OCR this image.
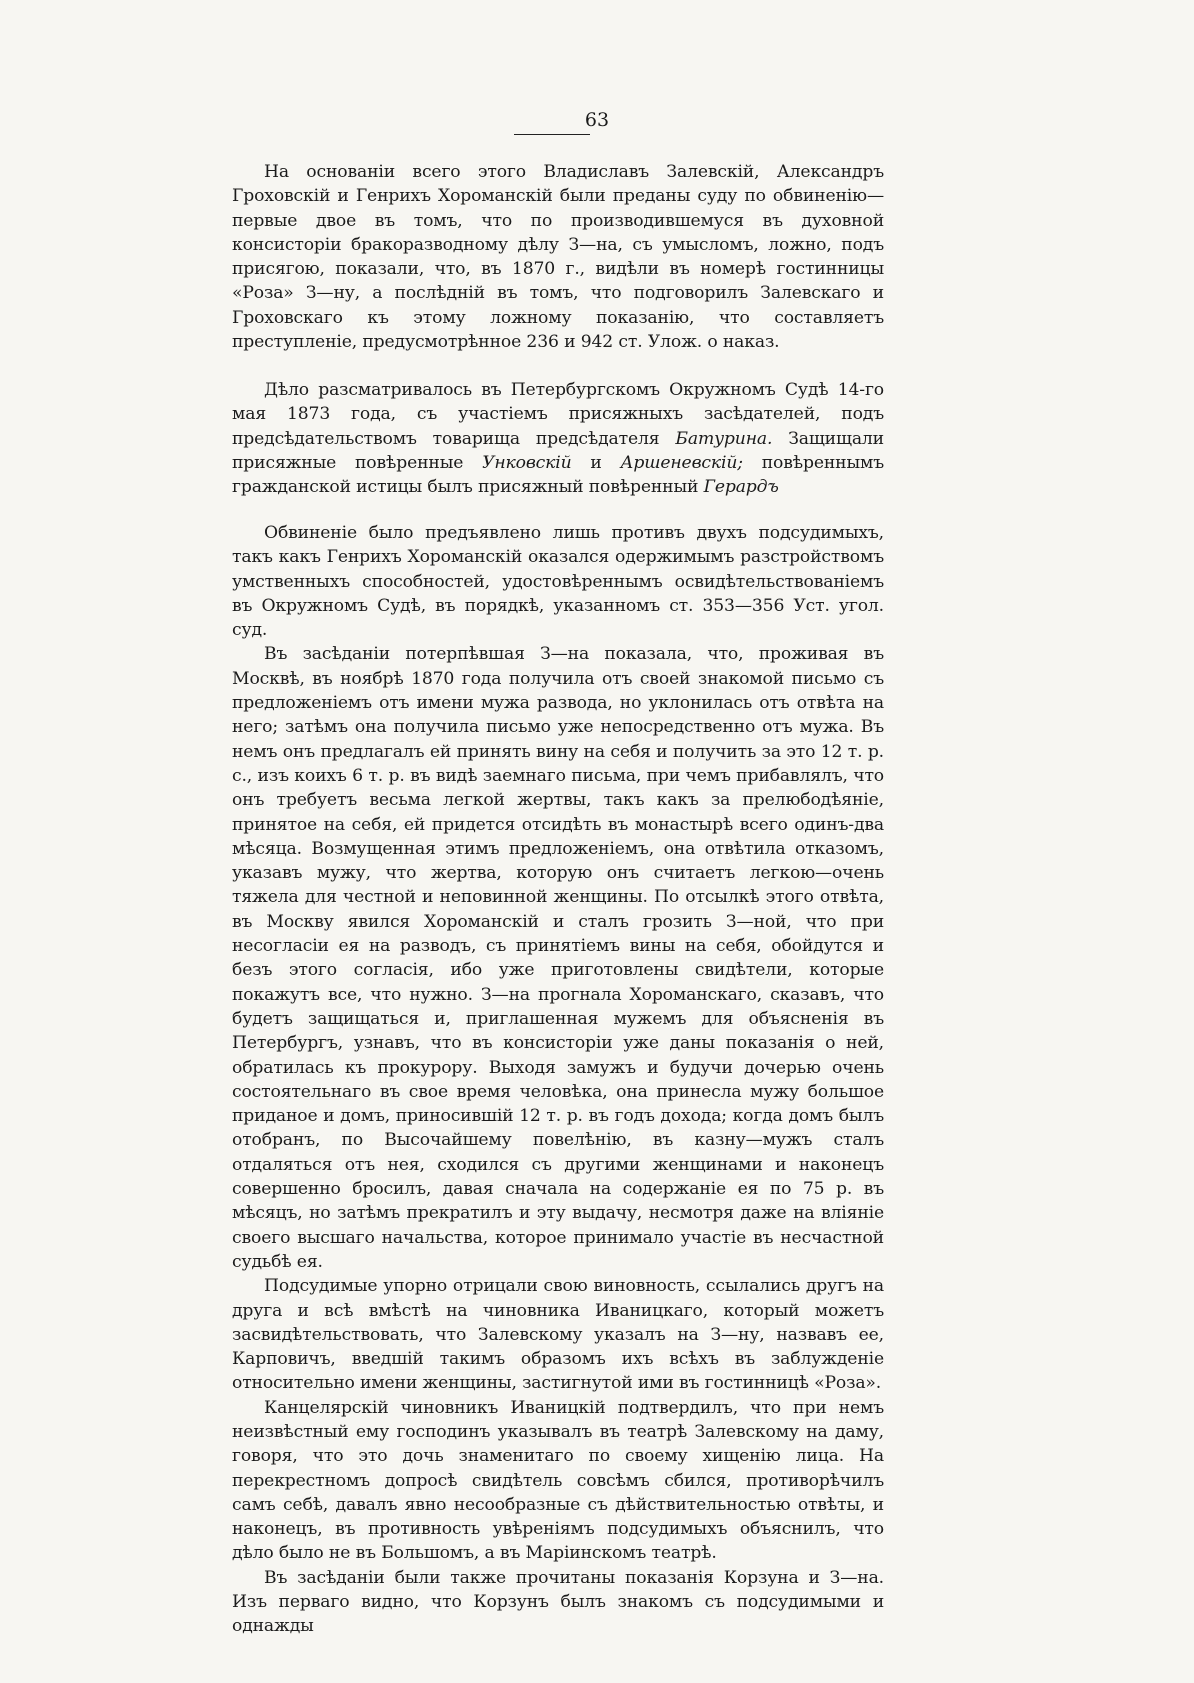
63

На основаніи всего этого Владиславъ Залевскій, Александръ Гроховскій и Генрихъ Хоромaнскій были преданы суду по обвиненію—первые двое въ томъ, что по производившемуся въ духовной консисторіи бракоразводному дѣлу З—на, съ умысломъ, ложно, подъ присягою, показали, что, въ 1870 г., видѣли въ номерѣ гостинницы «Роза» З—ну, а послѣдній въ томъ, что подговорилъ Залевскаго и Гроховскаго къ этому ложному показанію, что составляетъ преступленіе, предусмотрѣнное 236 и 942 ст. Улож. о наказ.

Дѣло разсматривалось въ Петербургскомъ Окружномъ Судѣ 14-го мая 1873 года, съ участіемъ присяжныхъ засѣдателей, подъ предсѣдательствомъ товарища предсѣдателя Батурина. Защищали присяжные повѣренные Унковскій и Аршеневскій; повѣреннымъ гражданской истицы былъ присяжный повѣренный Герардъ

Обвиненіе было предъявлено лишь противъ двухъ подсудимыхъ, такъ какъ Генрихъ Хоромaнскій оказался одержимымъ разстройствомъ умственныхъ способностей, удостовѣреннымъ освидѣтельствованіемъ въ Окружномъ Судѣ, въ порядкѣ, указанномъ ст. 353—356 Уст. угол. суд.

Въ засѣданіи потерпѣвшая З—на показала, что, проживая въ Москвѣ, въ ноябрѣ 1870 года получила отъ своей знакомой письмо съ предложеніемъ отъ имени мужа развода, но уклонилась отъ отвѣта на него; затѣмъ она получила письмо уже непосредственно отъ мужа. Въ немъ онъ предлагалъ ей принять вину на себя и получить за это 12 т. р. с., изъ коихъ 6 т. р. въ видѣ заемнаго письма, при чемъ прибавлялъ, что онъ требуетъ весьма легкой жертвы, такъ какъ за прелюбодѣяніе, принятое на себя, ей придется отсидѣть въ монастырѣ всего одинъ-два мѣсяца. Возмущенная этимъ предложеніемъ, она отвѣтила отказомъ, указавъ мужу, что жертва, которую онъ считаетъ легкою—очень тяжела для честной и неповинной женщины. По отсылкѣ этого отвѣта, въ Москву явился Хоромaнскій и сталъ грозить З—ной, что при несогласіи ея на разводъ, съ принятіемъ вины на себя, обойдутся и безъ этого согласія, ибо уже приготовлены свидѣтели, которые покажутъ все, что нужно. З—на прогнала Хоромaнскаго, сказавъ, что будетъ защищаться и, приглашенная мужемъ для объясненія въ Петербургъ, узнавъ, что въ консисторіи уже даны показанія о ней, обратилась къ прокурору. Выходя замужъ и будучи дочерью очень состоятельнаго въ свое время человѣка, она принесла мужу большое приданое и домъ, приносившій 12 т. р. въ годъ дохода; когда домъ былъ отобранъ, по Высочайшему повелѣнію, въ казну—мужъ сталъ отдаляться отъ нея, сходился съ другими женщинами и наконецъ совершенно бросилъ, давая сначала на содержаніе ея по 75 р. въ мѣсяцъ, но затѣмъ прекратилъ и эту выдачу, несмотря даже на вліяніе своего высшаго начальства, которое принимало участіе въ несчастной судьбѣ ея.

Подсудимые упорно отрицали свою виновность, ссылались другъ на друга и всѣ вмѣстѣ на чиновника Иваницкаго, который можетъ засвидѣтельствовать, что Залевскому указалъ на З—ну, назвавъ ее, Карповичъ, введшій такимъ образомъ ихъ всѣхъ въ заблужденіе относительно имени женщины, застигнутой ими въ гостинницѣ «Роза».

Канцелярскій чиновникъ Иваницкій подтвердилъ, что при немъ неизвѣстный ему господинъ указывалъ въ театрѣ Залевскому на даму, говоря, что это дочь знаменитаго по своему хищенію лица. На перекрестномъ допросѣ свидѣтель совсѣмъ сбился, противорѣчилъ самъ себѣ, давалъ явно несообразные съ дѣйствительностью отвѣты, и наконецъ, въ противность увѣреніямъ подсудимыхъ объяснилъ, что дѣло было не въ Большомъ, а въ Маріинскомъ театрѣ.

Въ засѣданіи были также прочитаны показанія Корзуна и З—на. Изъ перваго видно, что Корзунъ былъ знакомъ съ подсудимыми и однажды
